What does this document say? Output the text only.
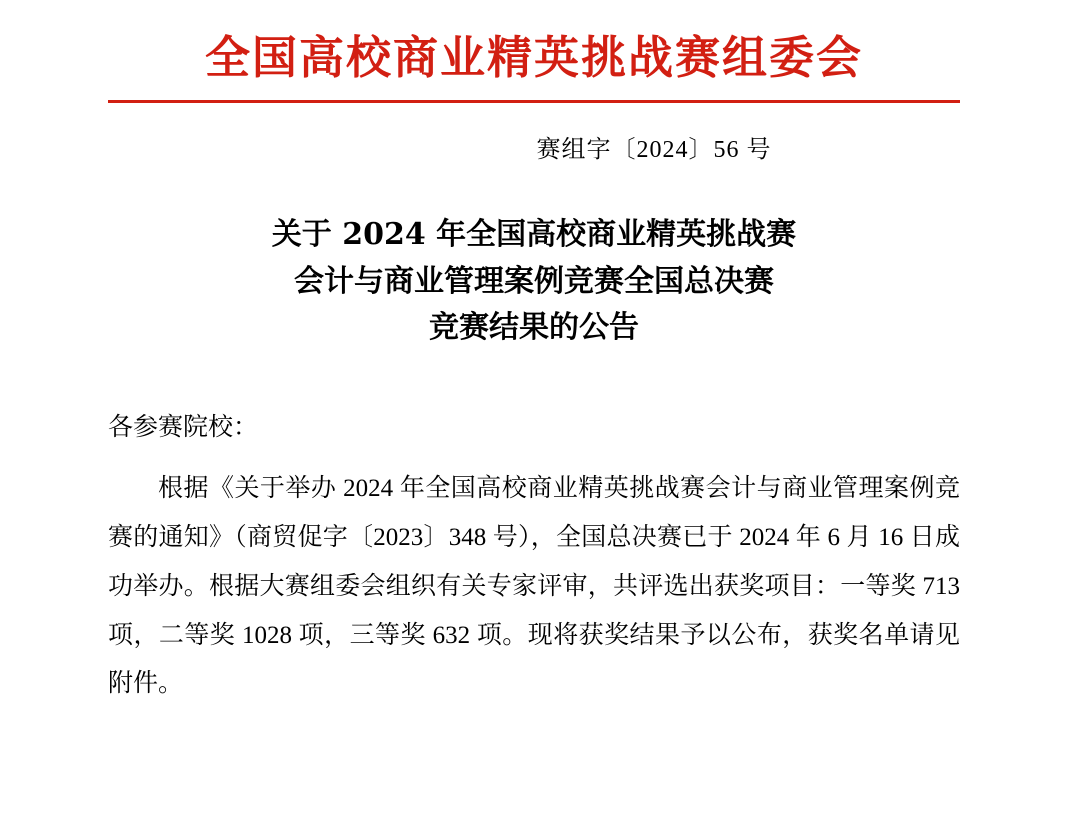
全国高校商业精英挑战赛组委会
赛组字〔2024〕56 号
关于 2024 年全国高校商业精英挑战赛
会计与商业管理案例竞赛全国总决赛
竞赛结果的公告
各参赛院校：
根据《关于举办 2024 年全国高校商业精英挑战赛会计与商业管理案例竞赛的通知》（商贸促字〔2023〕348 号），全国总决赛已于 2024 年 6 月 16 日成功举办。根据大赛组委会组织有关专家评审，共评选出获奖项目：一等奖 713 项，二等奖 1028 项，三等奖 632 项。现将获奖结果予以公布，获奖名单请见附件。
